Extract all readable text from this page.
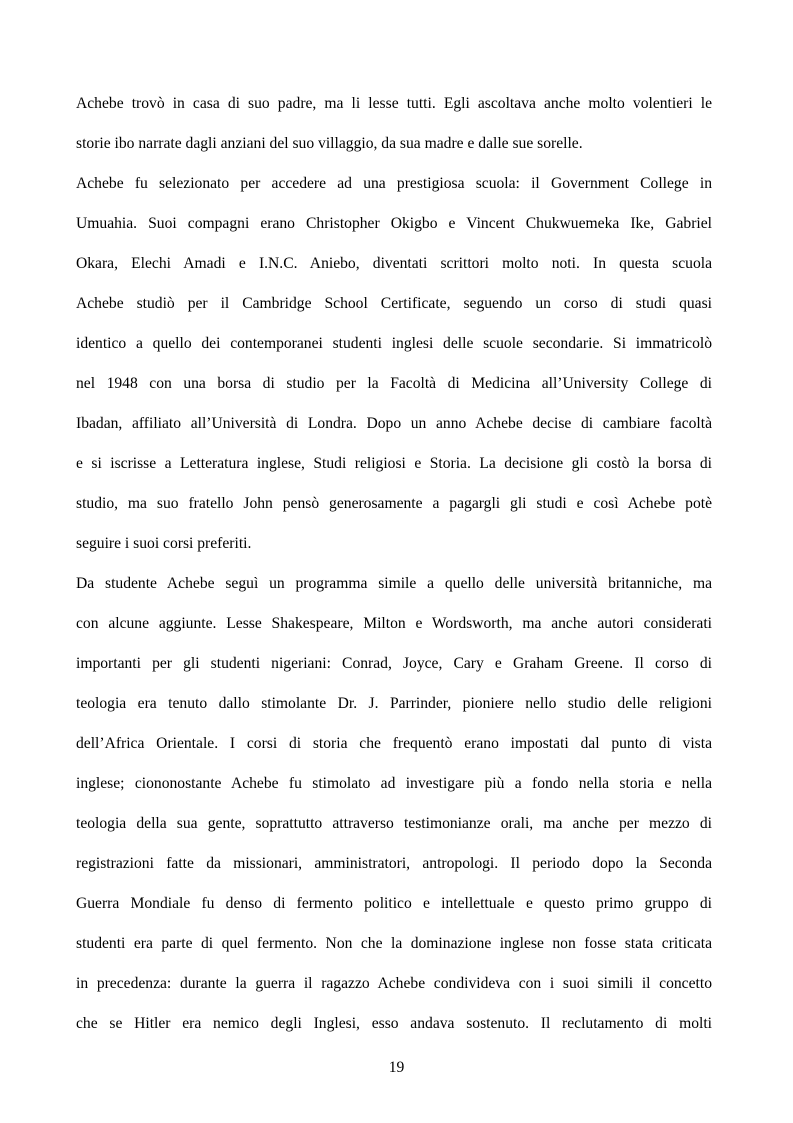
Achebe trovò in casa di suo padre, ma li lesse tutti. Egli ascoltava anche molto volentieri le
storie ibo narrate dagli anziani del suo villaggio, da sua madre e dalle sue sorelle.
Achebe fu selezionato per accedere ad una prestigiosa scuola: il Government College in
Umuahia. Suoi compagni erano Christopher Okigbo e Vincent Chukwuemeka Ike, Gabriel
Okara, Elechi Amadi e I.N.C. Aniebo, diventati scrittori molto noti. In questa scuola
Achebe studiò per il Cambridge School Certificate, seguendo un corso di studi quasi
identico a quello dei contemporanei studenti inglesi delle scuole secondarie. Si immatricolò
nel 1948 con una borsa di studio per la Facoltà di Medicina all’University College di
Ibadan, affiliato all’Università di Londra. Dopo un anno Achebe decise di cambiare facoltà
e si iscrisse a Letteratura inglese, Studi religiosi e Storia. La decisione gli costò la borsa di
studio, ma suo fratello John pensò generosamente a pagargli gli studi e così Achebe potè
seguire i suoi corsi preferiti.
Da studente Achebe seguì un programma simile a quello delle università britanniche, ma
con alcune aggiunte. Lesse Shakespeare, Milton e Wordsworth, ma anche autori considerati
importanti per gli studenti nigeriani: Conrad, Joyce, Cary e Graham Greene. Il corso di
teologia era tenuto dallo stimolante Dr. J. Parrinder, pioniere nello studio delle religioni
dell’Africa Orientale. I corsi di storia che frequentò erano impostati dal punto di vista
inglese; ciononostante Achebe fu stimolato ad investigare più a fondo nella storia e nella
teologia della sua gente, soprattutto attraverso testimonianze orali, ma anche per mezzo di
registrazioni fatte da missionari, amministratori, antropologi. Il periodo dopo la Seconda
Guerra Mondiale fu denso di fermento politico e intellettuale e questo primo gruppo di
studenti era parte di quel fermento. Non che la dominazione inglese non fosse stata criticata
in precedenza: durante la guerra il ragazzo Achebe condivideva con i suoi simili il concetto
che se Hitler era nemico degli Inglesi, esso andava sostenuto. Il reclutamento di molti
19
